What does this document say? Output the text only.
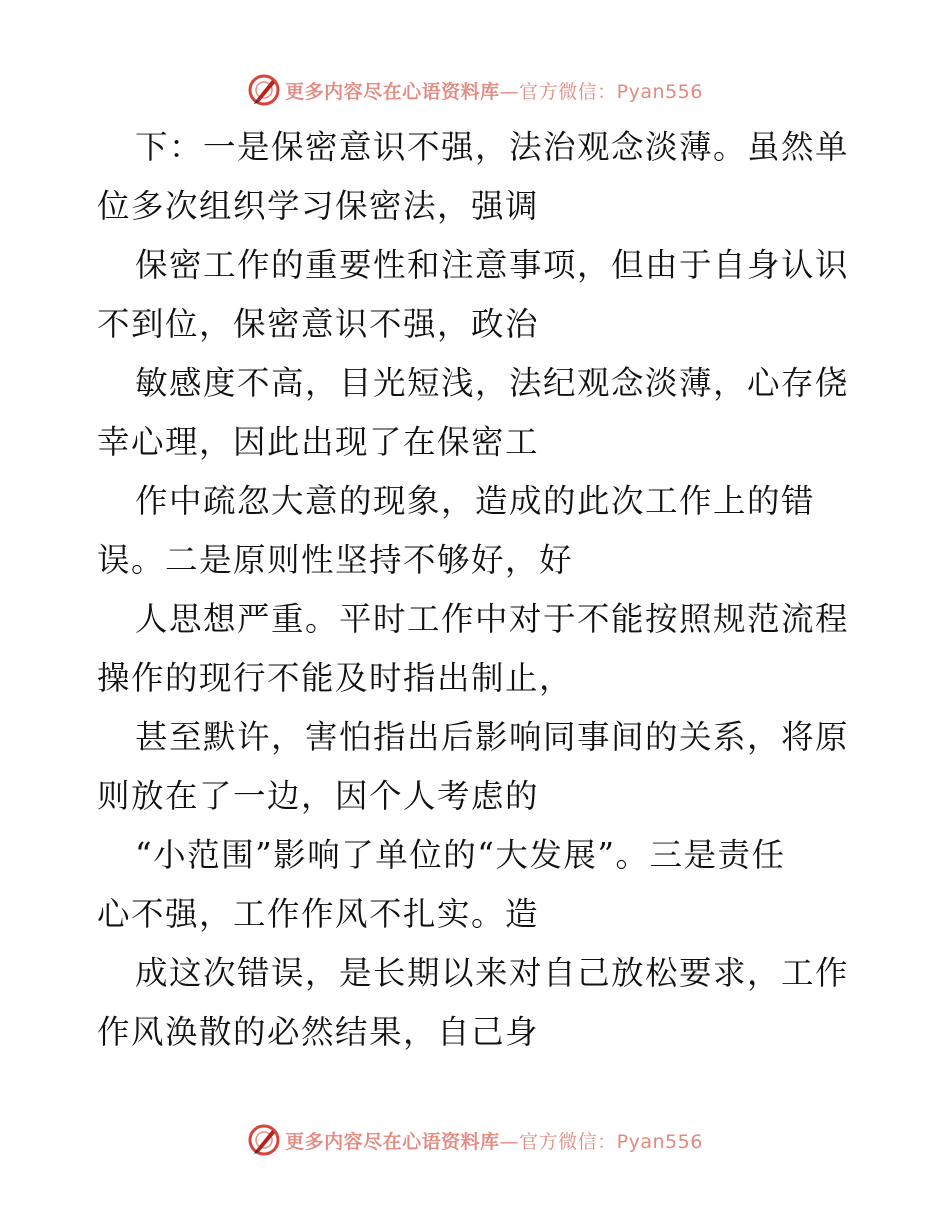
更多内容尽在心语资料库—官方微信：Pyan556
下：一是保密意识不强，法治观念淡薄。虽然单
位多次组织学习保密法，强调
保密工作的重要性和注意事项，但由于自身认识
不到位，保密意识不强，政治
敏感度不高，目光短浅，法纪观念淡薄，心存侥
幸心理，因此出现了在保密工
作中疏忽大意的现象，造成的此次工作上的错
误。二是原则性坚持不够好，好
人思想严重。平时工作中对于不能按照规范流程
操作的现行不能及时指出制止，
甚至默许，害怕指出后影响同事间的关系，将原
则放在了一边，因个人考虑的
“小范围”影响了单位的“大发展”。三是责任
心不强，工作作风不扎实。造
成这次错误，是长期以来对自己放松要求，工作
作风涣散的必然结果，自己身
更多内容尽在心语资料库—官方微信：Pyan556
